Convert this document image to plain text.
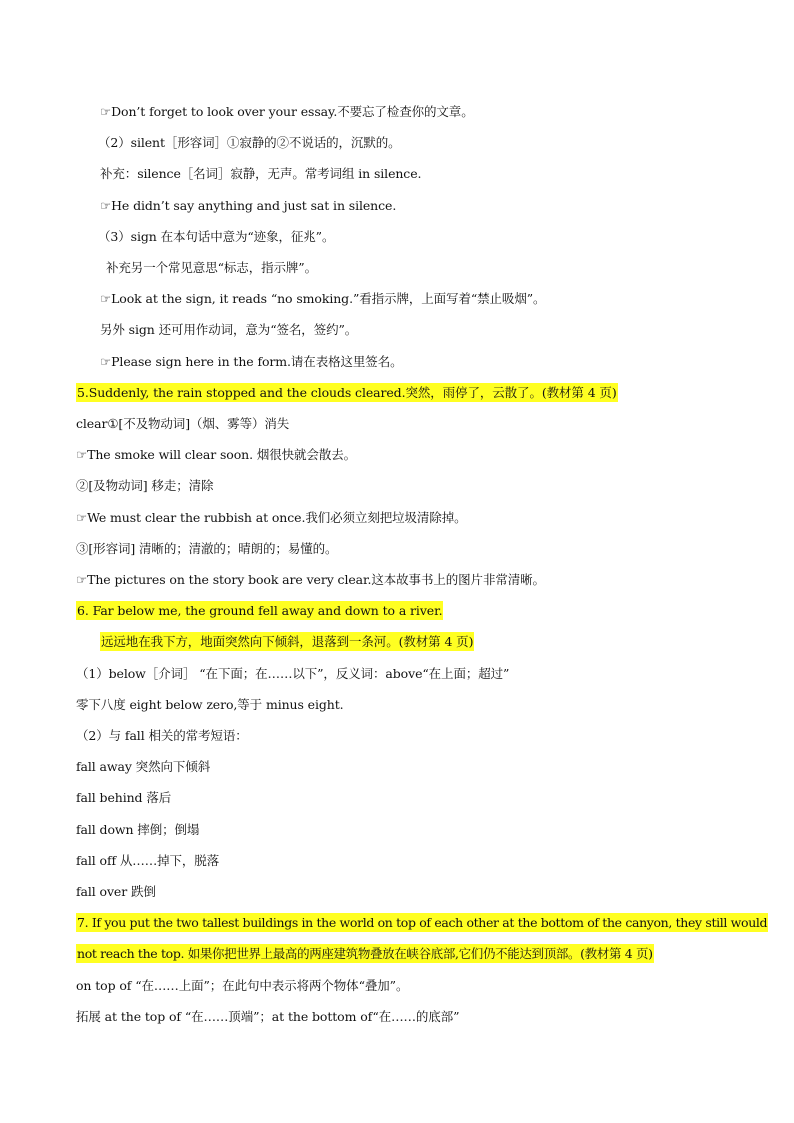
☞Don’t forget to look over your essay.不要忘了检查你的文章。
（2）silent［形容词］①寂静的②不说话的，沉默的。
补充：silence［名词］寂静，无声。常考词组 in silence.
☞He didn’t say anything and just sat in silence.
（3）sign 在本句话中意为“迹象，征兆”。
补充另一个常见意思“标志，指示牌”。
☞Look at the sign, it reads “no smoking.”看指示牌，上面写着“禁止吸烟”。
另外 sign 还可用作动词，意为“签名，签约”。
☞Please sign here in the form.请在表格这里签名。
5.Suddenly, the rain stopped and the clouds cleared.突然，雨停了，云散了。(教材第 4 页)
clear①[不及物动词]（烟、雾等）消失
☞The smoke will clear soon. 烟很快就会散去。
②[及物动词] 移走；清除
☞We must clear the rubbish at once.我们必须立刻把垃圾清除掉。
③[形容词] 清晰的；清澈的；晴朗的；易懂的。
☞The pictures on the story book are very clear.这本故事书上的图片非常清晰。
6. Far below me, the ground fell away and down to a river.
远远地在我下方，地面突然向下倾斜，退落到一条河。(教材第 4 页)
（1）below［介词］ “在下面；在……以下”，反义词：above“在上面；超过”
零下八度 eight below zero,等于 minus eight.
（2）与 fall 相关的常考短语：
fall away 突然向下倾斜
fall behind 落后
fall down 摔倒；倒塌
fall off 从……掉下，脱落
fall over 跌倒
7. If you put the two tallest buildings in the world on top of each other at the bottom of the canyon, they still would
not reach the top. 如果你把世界上最高的两座建筑物叠放在峡谷底部,它们仍不能达到顶部。(教材第 4 页)
on top of “在……上面”；在此句中表示将两个物体“叠加”。
拓展 at the top of “在……顶端”；at the bottom of“在……的底部”
